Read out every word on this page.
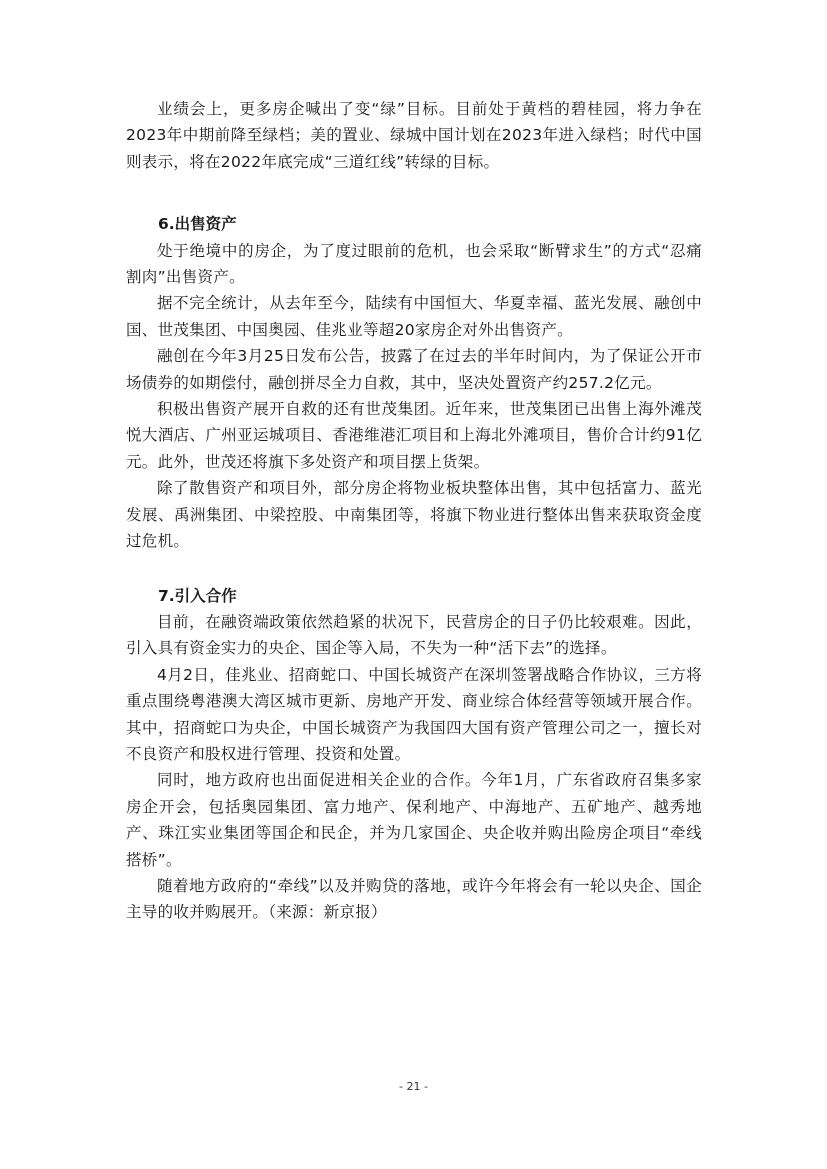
业绩会上，更多房企喊出了变“绿”目标。目前处于黄档的碧桂园，将力争在2023年中期前降至绿档；美的置业、绿城中国计划在2023年进入绿档；时代中国则表示，将在2022年底完成“三道红线”转绿的目标。

6.出售资产

处于绝境中的房企，为了度过眼前的危机，也会采取“断臂求生”的方式“忍痛割肉”出售资产。

据不完全统计，从去年至今，陆续有中国恒大、华夏幸福、蓝光发展、融创中国、世茂集团、中国奥园、佳兆业等超20家房企对外出售资产。

融创在今年3月25日发布公告，披露了在过去的半年时间内，为了保证公开市场债券的如期偿付，融创拼尽全力自救，其中，坚决处置资产约257.2亿元。

积极出售资产展开自救的还有世茂集团。近年来，世茂集团已出售上海外滩茂悦大酒店、广州亚运城项目、香港维港汇项目和上海北外滩项目，售价合计约91亿元。此外，世茂还将旗下多处资产和项目摆上货架。

除了散售资产和项目外，部分房企将物业板块整体出售，其中包括富力、蓝光发展、禹洲集团、中梁控股、中南集团等，将旗下物业进行整体出售来获取资金度过危机。

7.引入合作

目前，在融资端政策依然趋紧的状况下，民营房企的日子仍比较艰难。因此，引入具有资金实力的央企、国企等入局，不失为一种“活下去”的选择。

4月2日，佳兆业、招商蛇口、中国长城资产在深圳签署战略合作协议，三方将重点围绕粤港澳大湾区城市更新、房地产开发、商业综合体经营等领域开展合作。其中，招商蛇口为央企，中国长城资产为我国四大国有资产管理公司之一，擅长对不良资产和股权进行管理、投资和处置。

同时，地方政府也出面促进相关企业的合作。今年1月，广东省政府召集多家房企开会，包括奥园集团、富力地产、保利地产、中海地产、五矿地产、越秀地产、珠江实业集团等国企和民企，并为几家国企、央企收并购出险房企项目“牵线搭桥”。

随着地方政府的“牵线”以及并购贷的落地，或许今年将会有一轮以央企、国企主导的收并购展开。（来源：新京报）

- 21 -
